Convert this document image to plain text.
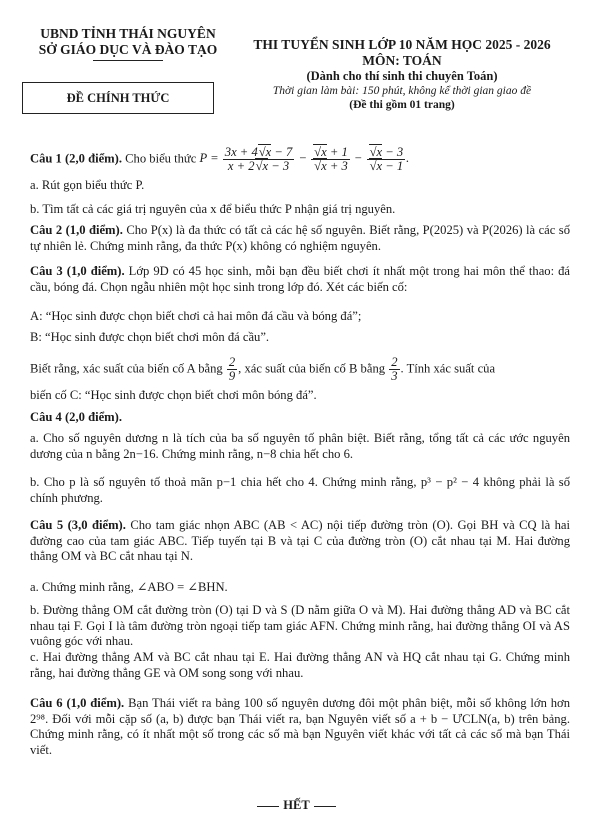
UBND TỈNH THÁI NGUYÊN
SỞ GIÁO DỤC VÀ ĐÀO TẠO
ĐỀ CHÍNH THỨC
THI TUYỂN SINH LỚP 10 NĂM HỌC 2025 - 2026
MÔN: TOÁN
(Dành cho thí sinh thi chuyên Toán)
Thời gian làm bài: 150 phút, không kể thời gian giao đề
(Đề thi gồm 01 trang)
Câu 1 (2,0 điểm). Cho biểu thức $P = \frac{3x + 4√x - 7}{x + 2√x - 3} - \frac{√x + 1}{√x + 3} - \frac{√x - 3}{√x - 1}$ .
a. Rút gọn biểu thức P.
b. Tìm tất cả các giá trị nguyên của x để biểu thức P nhận giá trị nguyên.
Câu 2 (1,0 điểm). Cho P(x) là đa thức có tất cả các hệ số nguyên. Biết rằng, P(2025) và P(2026) là các số tự nhiên lẻ. Chứng minh rằng, đa thức P(x) không có nghiệm nguyên.
Câu 3 (1,0 điểm). Lớp 9D có 45 học sinh, mỗi bạn đều biết chơi ít nhất một trong hai môn thể thao: đá cầu, bóng đá. Chọn ngẫu nhiên một học sinh trong lớp đó. Xét các biến cố:
A: “Học sinh được chọn biết chơi cả hai môn đá cầu và bóng đá”;
B: “Học sinh được chọn biết chơi môn đá cầu”.
Biết rằng, xác suất của biến cố A bằng $\frac{2}{9}$ , xác suất của biến cố B bằng $\frac{2}{3}$ . Tính xác suất của
biến cố C: “Học sinh được chọn biết chơi môn bóng đá”.
Câu 4 (2,0 điểm).
a. Cho số nguyên dương n là tích của ba số nguyên tố phân biệt. Biết rằng, tổng tất cả các ước nguyên dương của n bằng 2n−16. Chứng minh rằng, n−8 chia hết cho 6.
b. Cho p là số nguyên tố thoả mãn p−1 chia hết cho 4. Chứng minh rằng, p³ − p² − 4 không phải là số chính phương.
Câu 5 (3,0 điểm). Cho tam giác nhọn ABC (AB < AC) nội tiếp đường tròn (O). Gọi BH và CQ là hai đường cao của tam giác ABC. Tiếp tuyến tại B và tại C của đường tròn (O) cắt nhau tại M. Hai đường thẳng OM và BC cắt nhau tại N.
a. Chứng minh rằng, ∠ABO = ∠BHN.
b. Đường thẳng OM cắt đường tròn (O) tại D và S (D nằm giữa O và M). Hai đường thẳng AD và BC cắt nhau tại F. Gọi I là tâm đường tròn ngoại tiếp tam giác AFN. Chứng minh rằng, hai đường thẳng OI và AS vuông góc với nhau.
c. Hai đường thẳng AM và BC cắt nhau tại E. Hai đường thẳng AN và HQ cắt nhau tại G. Chứng minh rằng, hai đường thẳng GE và OM song song với nhau.
Câu 6 (1,0 điểm). Bạn Thái viết ra bảng 100 số nguyên dương đôi một phân biệt, mỗi số không lớn hơn 2⁹⁸. Đối với mỗi cặp số (a, b) được bạn Thái viết ra, bạn Nguyên viết số a + b − ƯCLN(a, b) trên bảng. Chứng minh rằng, có ít nhất một số trong các số mà bạn Nguyên viết khác với tất cả các số mà bạn Thái viết.
HẾT
